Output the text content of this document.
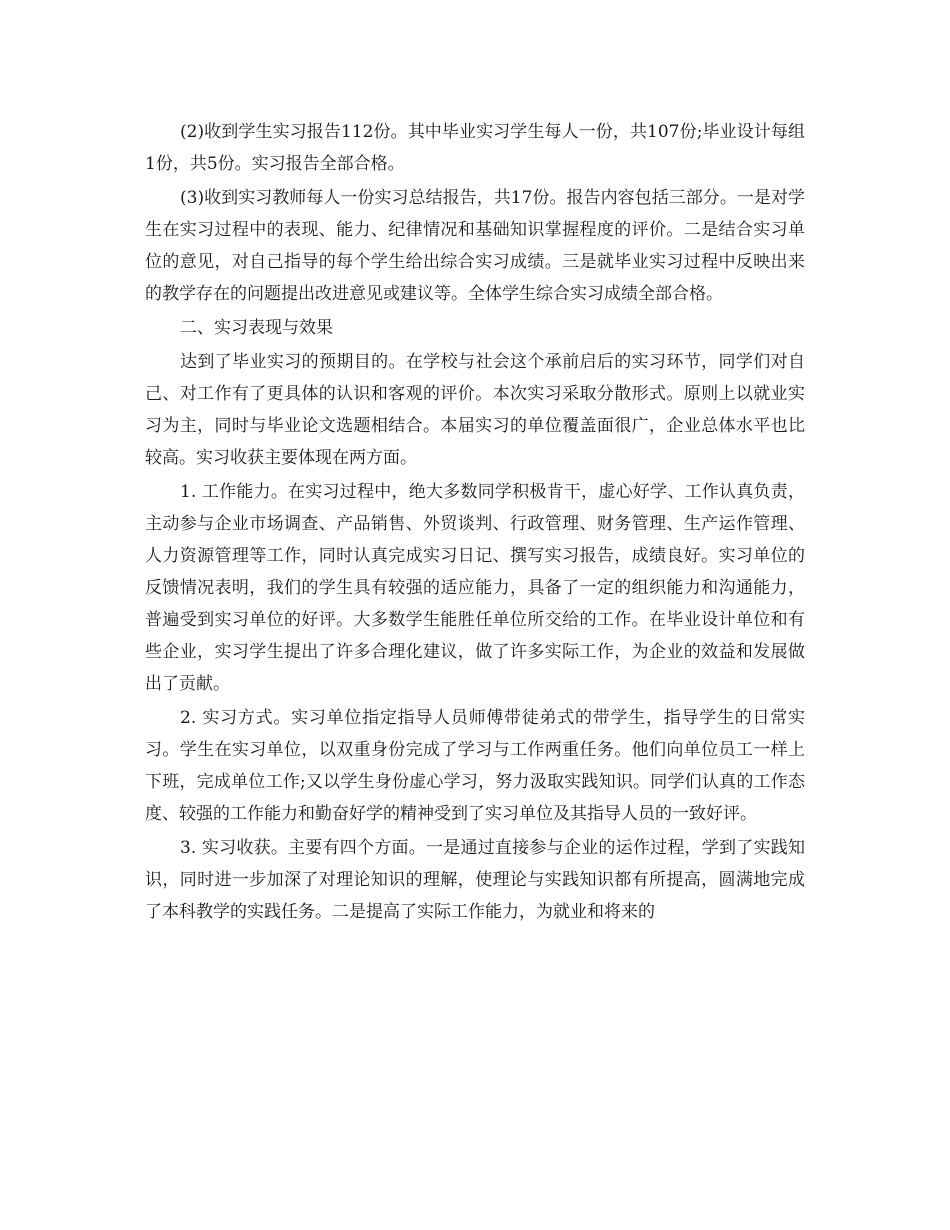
(2)收到学生实习报告112份。其中毕业实习学生每人一份，共107份;毕业设计每组1份，共5份。实习报告全部合格。

(3)收到实习教师每人一份实习总结报告，共17份。报告内容包括三部分。一是对学生在实习过程中的表现、能力、纪律情况和基础知识掌握程度的评价。二是结合实习单位的意见，对自己指导的每个学生给出综合实习成绩。三是就毕业实习过程中反映出来的教学存在的问题提出改进意见或建议等。全体学生综合实习成绩全部合格。

二、实习表现与效果

达到了毕业实习的预期目的。在学校与社会这个承前启后的实习环节，同学们对自己、对工作有了更具体的认识和客观的评价。本次实习采取分散形式。原则上以就业实习为主，同时与毕业论文选题相结合。本届实习的单位覆盖面很广，企业总体水平也比较高。实习收获主要体现在两方面。

1. 工作能力。在实习过程中，绝大多数同学积极肯干，虚心好学、工作认真负责，主动参与企业市场调查、产品销售、外贸谈判、行政管理、财务管理、生产运作管理、人力资源管理等工作，同时认真完成实习日记、撰写实习报告，成绩良好。实习单位的反馈情况表明，我们的学生具有较强的适应能力，具备了一定的组织能力和沟通能力，普遍受到实习单位的好评。大多数学生能胜任单位所交给的工作。在毕业设计单位和有些企业，实习学生提出了许多合理化建议，做了许多实际工作，为企业的效益和发展做出了贡献。

2. 实习方式。实习单位指定指导人员师傅带徒弟式的带学生，指导学生的日常实习。学生在实习单位，以双重身份完成了学习与工作两重任务。他们向单位员工一样上下班，完成单位工作;又以学生身份虚心学习，努力汲取实践知识。同学们认真的工作态度、较强的工作能力和勤奋好学的精神受到了实习单位及其指导人员的一致好评。

3. 实习收获。主要有四个方面。一是通过直接参与企业的运作过程，学到了实践知识，同时进一步加深了对理论知识的理解，使理论与实践知识都有所提高，圆满地完成了本科教学的实践任务。二是提高了实际工作能力，为就业和将来的
